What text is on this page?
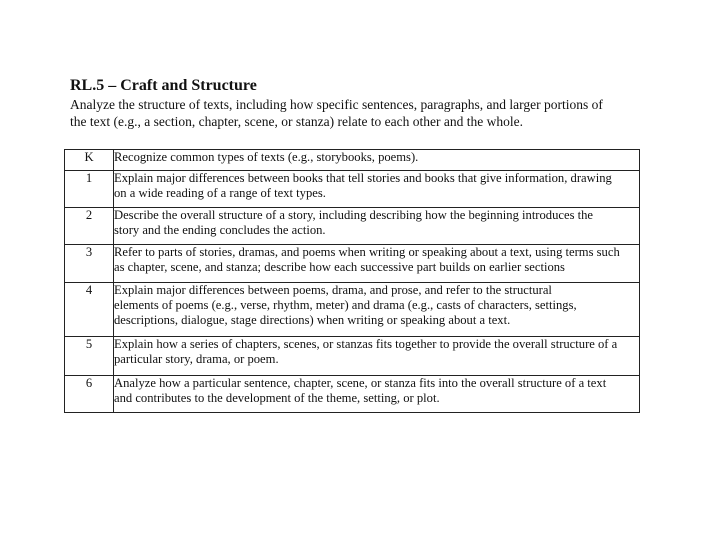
RL.5 – Craft and Structure
Analyze the structure of texts, including how specific sentences, paragraphs, and larger portions of
the text (e.g., a section, chapter, scene, or stanza) relate to each other and the whole.
K	Recognize common types of texts (e.g., storybooks, poems).

1	Explain major differences between books that tell stories and books that give information, drawing
on a wide reading of a range of text types.

2	Describe the overall structure of a story, including describing how the beginning introduces the
story and the ending concludes the action.

3	Refer to parts of stories, dramas, and poems when writing or speaking about a text, using terms such
as chapter, scene, and stanza; describe how each successive part builds on earlier sections

4	Explain major differences between poems, drama, and prose, and refer to the structural
elements of poems (e.g., verse, rhythm, meter) and drama (e.g., casts of characters, settings,
descriptions, dialogue, stage directions) when writing or speaking about a text.

5	Explain how a series of chapters, scenes, or stanzas fits together to provide the overall structure of a
particular story, drama, or poem.

6	Analyze how a particular sentence, chapter, scene, or stanza fits into the overall structure of a text
and contributes to the development of the theme, setting, or plot.
